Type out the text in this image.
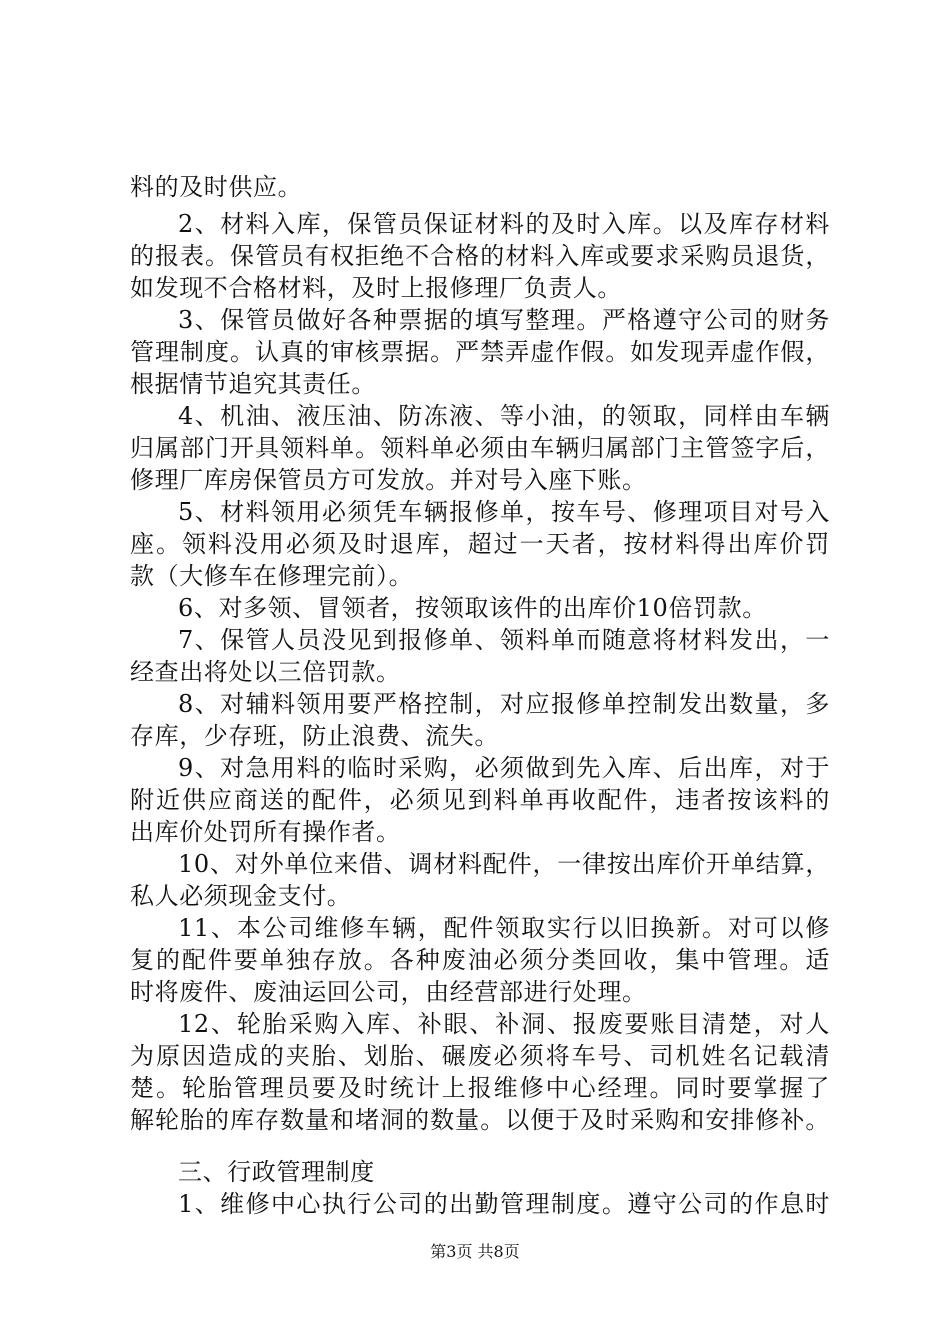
料的及时供应。
2、材料入库，保管员保证材料的及时入库。以及库存材料
的报表。保管员有权拒绝不合格的材料入库或要求采购员退货，
如发现不合格材料，及时上报修理厂负责人。
3、保管员做好各种票据的填写整理。严格遵守公司的财务
管理制度。认真的审核票据。严禁弄虚作假。如发现弄虚作假，
根据情节追究其责任。
4、机油、液压油、防冻液、等小油，的领取，同样由车辆
归属部门开具领料单。领料单必须由车辆归属部门主管签字后，
修理厂库房保管员方可发放。并对号入座下账。
5、材料领用必须凭车辆报修单，按车号、修理项目对号入
座。领料没用必须及时退库，超过一天者，按材料得出库价罚
款（大修车在修理完前）。
6、对多领、冒领者，按领取该件的出库价10倍罚款。
7、保管人员没见到报修单、领料单而随意将材料发出，一
经查出将处以三倍罚款。
8、对辅料领用要严格控制，对应报修单控制发出数量，多
存库，少存班，防止浪费、流失。
9、对急用料的临时采购，必须做到先入库、后出库，对于
附近供应商送的配件，必须见到料单再收配件，违者按该料的
出库价处罚所有操作者。
10、对外单位来借、调材料配件，一律按出库价开单结算，
私人必须现金支付。
11、本公司维修车辆，配件领取实行以旧换新。对可以修
复的配件要单独存放。各种废油必须分类回收，集中管理。适
时将废件、废油运回公司，由经营部进行处理。
12、轮胎采购入库、补眼、补洞、报废要账目清楚，对人
为原因造成的夹胎、划胎、碾废必须将车号、司机姓名记载清
楚。轮胎管理员要及时统计上报维修中心经理。同时要掌握了
解轮胎的库存数量和堵洞的数量。以便于及时采购和安排修补。
三、行政管理制度
1、维修中心执行公司的出勤管理制度。遵守公司的作息时
第3页 共8页
